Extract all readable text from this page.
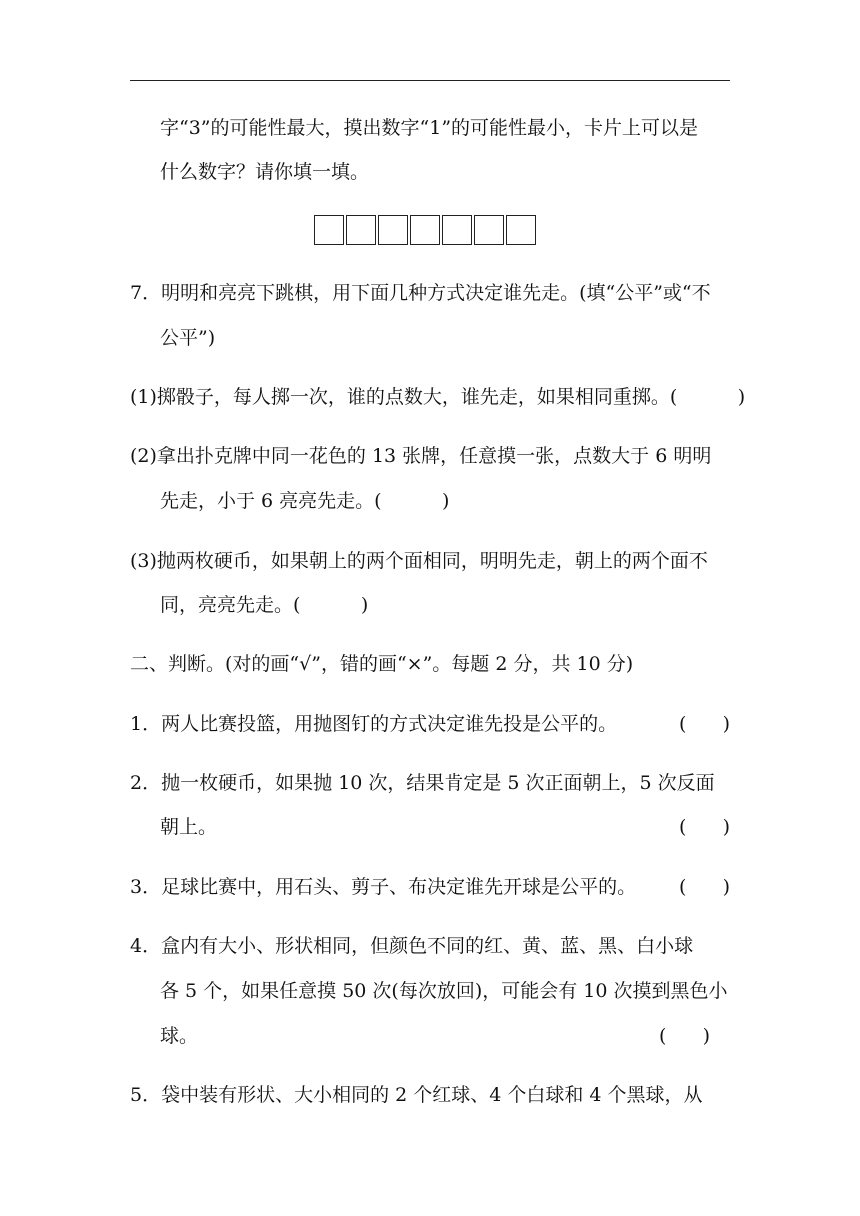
字“3”的可能性最大，摸出数字“1”的可能性最小，卡片上可以是
什么数字？请你填一填。
7．明明和亮亮下跳棋，用下面几种方式决定谁先走。(填“公平”或“不
公平”)
(1)掷骰子，每人掷一次，谁的点数大，谁先走，如果相同重掷。 (          )
(2)拿出扑克牌中同一花色的 13 张牌，任意摸一张，点数大于 6 明明
先走，小于 6 亮亮先走。(          )
(3)抛两枚硬币，如果朝上的两个面相同，明明先走，朝上的两个面不
同，亮亮先走。(          )
二、判断。(对的画“√”，错的画“×”。每题 2 分，共 10 分)
1．两人比赛投篮，用抛图钉的方式决定谁先投是公平的。	(      )
2．抛一枚硬币，如果抛 10 次，结果肯定是 5 次正面朝上，5 次反面
朝上。	(      )
3．足球比赛中，用石头、剪子、布决定谁先开球是公平的。 (      )
4．盒内有大小、形状相同，但颜色不同的红、黄、蓝、黑、白小球
各 5 个，如果任意摸 50 次(每次放回)，可能会有 10 次摸到黑色小
球。	(      )
5．袋中装有形状、大小相同的 2 个红球、4 个白球和 4 个黑球，从
